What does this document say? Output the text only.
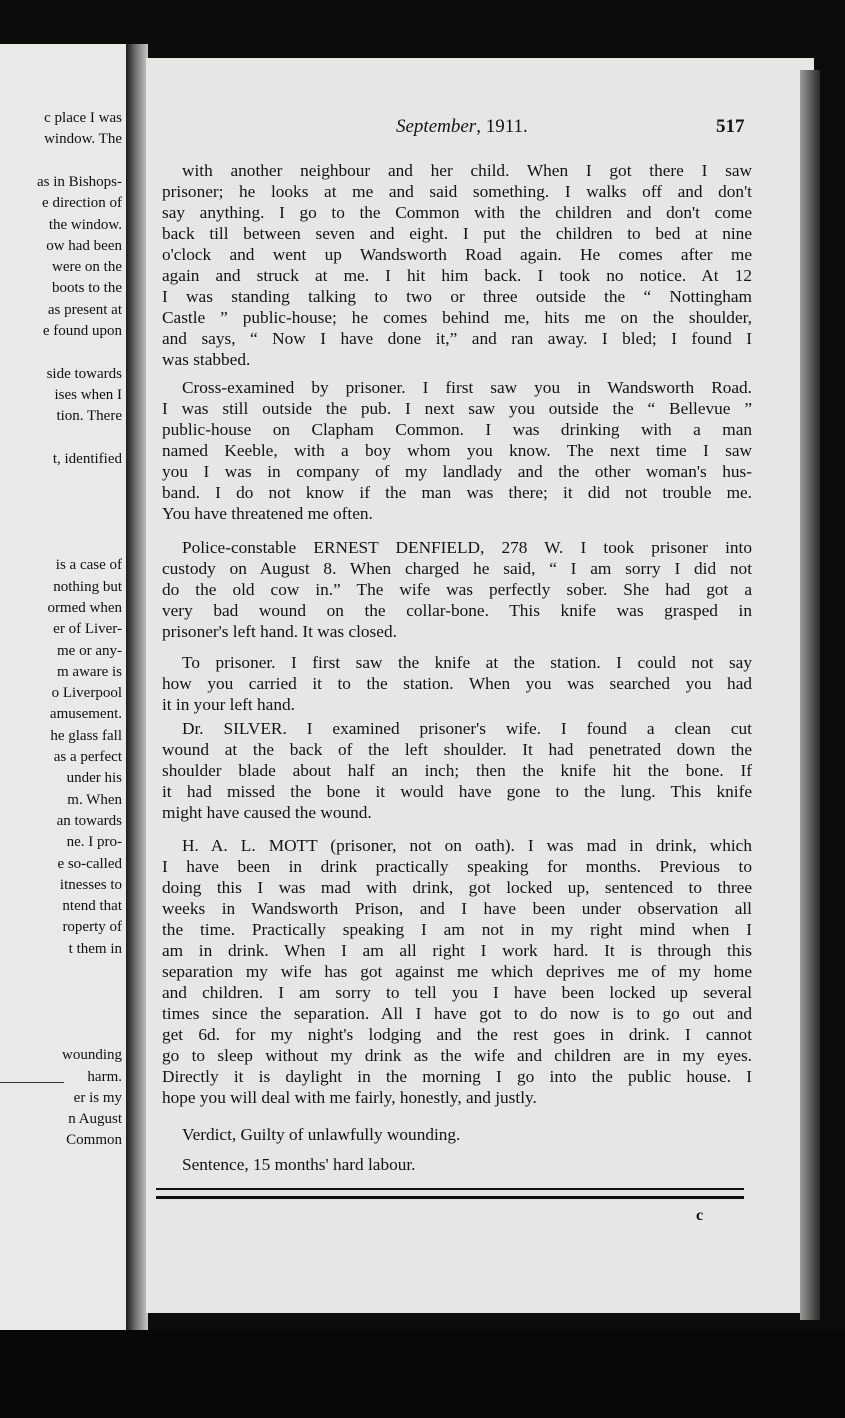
c place I was
window. The
as in Bishops-
e direction of
the window.
ow had been
were on the
boots to the
as present at
e found upon
side towards
ises when I
tion. There
t, identified
is a case of
nothing but
ormed when
er of Liver-
me or any-
m aware is
o Liverpool
amusement.
he glass fall
as a perfect
under his
m. When
an towards
ne. I pro-
e so-called
itnesses to
ntend that
roperty of
t them in
wounding
harm.
er is my
n August
Common
September, 1911.	517
with another neighbour and her child. When I got there I saw
prisoner; he looks at me and said something. I walks off and don't
say anything. I go to the Common with the children and don't come
back till between seven and eight. I put the children to bed at nine
o'clock and went up Wandsworth Road again. He comes after me
again and struck at me. I hit him back. I took no notice. At 12
I was standing talking to two or three outside the “ Nottingham
Castle ” public-house; he comes behind me, hits me on the shoulder,
and says, “ Now I have done it,” and ran away. I bled; I found I
was stabbed.
Cross-examined by prisoner. I first saw you in Wandsworth Road.
I was still outside the pub. I next saw you outside the “ Bellevue ”
public-house on Clapham Common. I was drinking with a man
named Keeble, with a boy whom you know. The next time I saw
you I was in company of my landlady and the other woman's hus-
band. I do not know if the man was there; it did not trouble me.
You have threatened me often.
Police-constable ERNEST DENFIELD, 278 W. I took prisoner into
custody on August 8. When charged he said, “ I am sorry I did not
do the old cow in.” The wife was perfectly sober. She had got a
very bad wound on the collar-bone. This knife was grasped in
prisoner's left hand. It was closed.
To prisoner. I first saw the knife at the station. I could not say
how you carried it to the station. When you was searched you had
it in your left hand.
Dr. SILVER. I examined prisoner's wife. I found a clean cut
wound at the back of the left shoulder. It had penetrated down the
shoulder blade about half an inch; then the knife hit the bone. If
it had missed the bone it would have gone to the lung. This knife
might have caused the wound.
H. A. L. MOTT (prisoner, not on oath). I was mad in drink, which
I have been in drink practically speaking for months. Previous to
doing this I was mad with drink, got locked up, sentenced to three
weeks in Wandsworth Prison, and I have been under observation all
the time. Practically speaking I am not in my right mind when I
am in drink. When I am all right I work hard. It is through this
separation my wife has got against me which deprives me of my home
and children. I am sorry to tell you I have been locked up several
times since the separation. All I have got to do now is to go out and
get 6d. for my night's lodging and the rest goes in drink. I cannot
go to sleep without my drink as the wife and children are in my eyes.
Directly it is daylight in the morning I go into the public house. I
hope you will deal with me fairly, honestly, and justly.
Verdict, Guilty of unlawfully wounding.
Sentence, 15 months' hard labour.
c
